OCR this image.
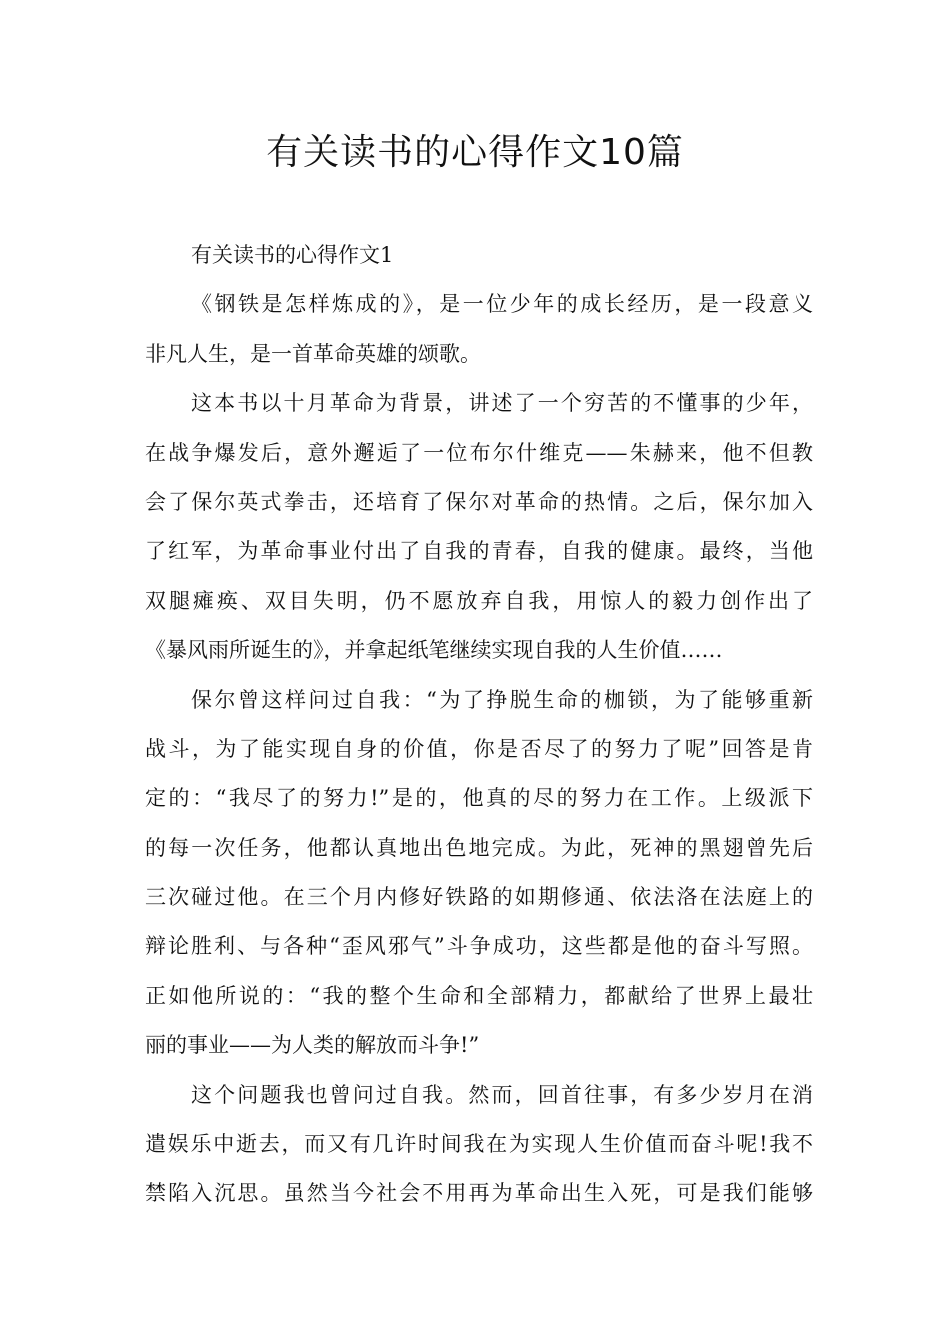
有关读书的心得作文10篇
有关读书的心得作文1
《钢铁是怎样炼成的》，是一位少年的成长经历，是一段意义
非凡人生，是一首革命英雄的颂歌。
这本书以十月革命为背景，讲述了一个穷苦的不懂事的少年，
在战争爆发后，意外邂逅了一位布尔什维克——朱赫来，他不但教
会了保尔英式拳击，还培育了保尔对革命的热情。之后，保尔加入
了红军，为革命事业付出了自我的青春，自我的健康。最终，当他
双腿瘫痪、双目失明，仍不愿放弃自我，用惊人的毅力创作出了
《暴风雨所诞生的》，并拿起纸笔继续实现自我的人生价值……
保尔曾这样问过自我：“为了挣脱生命的枷锁，为了能够重新
战斗，为了能实现自身的价值，你是否尽了的努力了呢”回答是肯
定的：“我尽了的努力!”是的，他真的尽的努力在工作。上级派下
的每一次任务，他都认真地出色地完成。为此，死神的黑翅曾先后
三次碰过他。在三个月内修好铁路的如期修通、依法洛在法庭上的
辩论胜利、与各种“歪风邪气”斗争成功，这些都是他的奋斗写照。
正如他所说的：“我的整个生命和全部精力，都献给了世界上最壮
丽的事业——为人类的解放而斗争!”
这个问题我也曾问过自我。然而，回首往事，有多少岁月在消
遣娱乐中逝去，而又有几许时间我在为实现人生价值而奋斗呢!我不
禁陷入沉思。虽然当今社会不用再为革命出生入死，可是我们能够
